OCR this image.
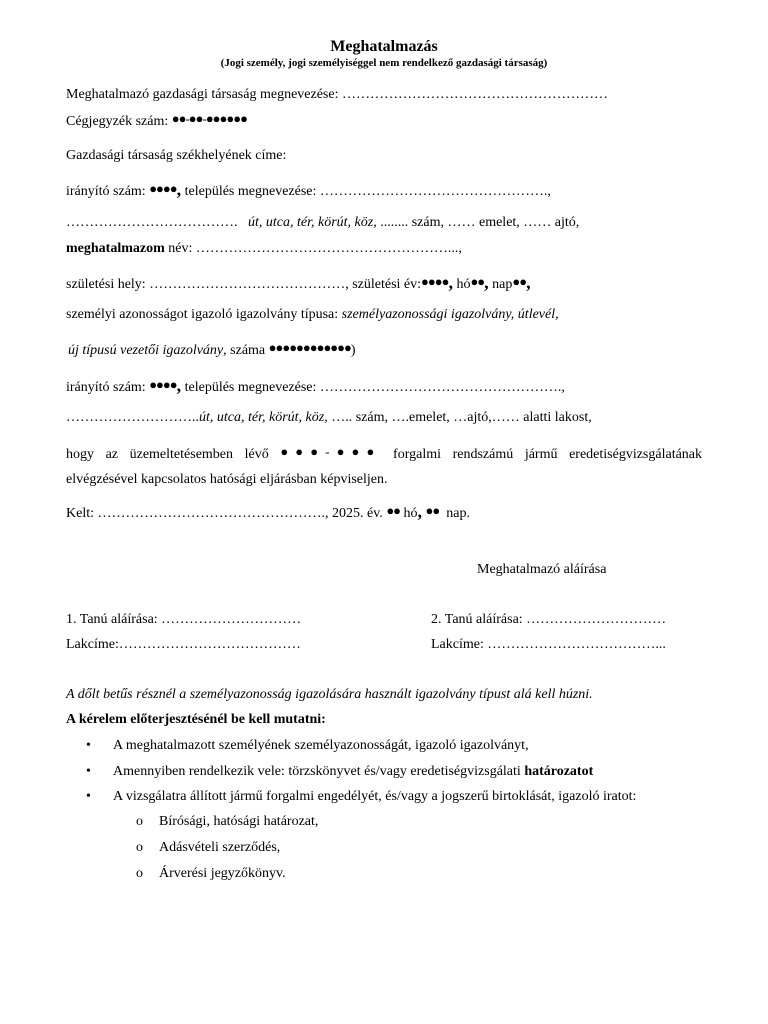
Meghatalmazás
(Jogi személy, jogi személyiséggel nem rendelkező gazdasági társaság)
Meghatalmazó gazdasági társaság megnevezése: …………………………………………………
Cégjegyzék szám: ●●-●●-●●●●●●
Gazdasági társaság székhelyének címe:
irányító szám: ●●●●, település megnevezése: ………………………………………….,
………………………………. út, utca, tér, körút, köz, ........ szám, …… emelet, …… ajtó,
meghatalmazom név: ………………………………………………...,
születési hely: ……………………………………, születési év:●●●●, hó●●, nap●●,
személyi azonosságot igazoló igazolvány típusa: személyazonossági igazolvány, útlevél,
új típusú vezetői igazolvány, száma ●●●●●●●●●●●●)
irányító szám: ●●●●, település megnevezése: …………………………………………….,
………………………..út, utca, tér, körút, köz, ….. szám, ….emelet, …ajtó,…… alatti lakost,
hogy az üzemeltetésemben lévő ●●●-●●● forgalmi rendszámú jármű eredetiségvizsgálatának
elvégzésével kapcsolatos hatósági eljárásban képviseljen.
Kelt: …………………………………………., 2025. év. ●● hó, ●● nap.
Meghatalmazó aláírása
1. Tanú aláírása: …………………………	2. Tanú aláírása: …………………………
Lakcíme:…………………………………	Lakcíme: ………………………………...
A dőlt betűs résznél a személyazonosság igazolására használt igazolvány típust alá kell húzni.
A kérelem előterjesztésénél be kell mutatni:
• A meghatalmazott személyének személyazonosságát, igazoló igazolványt,
• Amennyiben rendelkezik vele: törzskönyvet és/vagy eredetiségvizsgálati határozatot
• A vizsgálatra állított jármű forgalmi engedélyét, és/vagy a jogszerű birtoklását, igazoló iratot:
o Bírósági, hatósági határozat,
o Adásvételi szerződés,
o Árverési jegyzőkönyv.
